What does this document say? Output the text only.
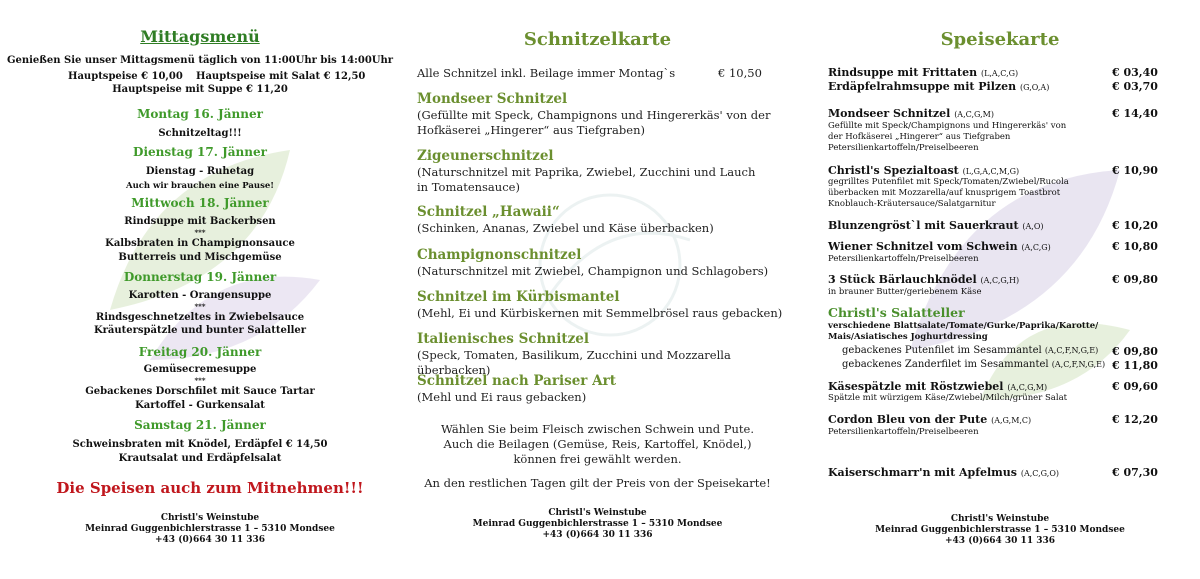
Mittagsmenü
Genießen Sie unser Mittagsmenü täglich von 11:00Uhr bis 14:00Uhr
Hauptspeise € 10,00 Hauptspeise mit Salat € 12,50
Hauptspeise mit Suppe € 11,20
Montag 16. Jänner
Schnitzeltag!!!
Dienstag 17. Jänner
Dienstag - Ruhetag
Auch wir brauchen eine Pause!
Mittwoch 18. Jänner
Rindsuppe mit Backerbsen
***
Kalbsbraten in Champignonsauce
Butterreis und Mischgemüse
Donnerstag 19. Jänner
Karotten - Orangensuppe
***
Rindsgeschnetzeltes in Zwiebelsauce
Kräuterspätzle und bunter Salatteller
Freitag 20. Jänner
Gemüsecremesuppe
***
Gebackenes Dorschfilet mit Sauce Tartar
Kartoffel - Gurkensalat
Samstag 21. Jänner
Schweinsbraten mit Knödel, Erdäpfel € 14,50
Krautsalat und Erdäpfelsalat
Die Speisen auch zum Mitnehmen!!!
Christl's Weinstube
Meinrad Guggenbichlerstrasse 1 – 5310 Mondsee
+43 (0)664 30 11 336
Schnitzelkarte
Alle Schnitzel inkl. Beilage immer Montag`s	€ 10,50
Mondseer Schnitzel
(Gefüllte mit Speck, Champignons und Hingererkäs' von der Hofkäserei „Hingerer“ aus Tiefgraben)
Zigeunerschnitzel
(Naturschnitzel mit Paprika, Zwiebel, Zucchini und Lauch in Tomatensauce)
Schnitzel „Hawaii“
(Schinken, Ananas, Zwiebel und Käse überbacken)
Champignonschnitzel
(Naturschnitzel mit Zwiebel, Champignon und Schlagobers)
Schnitzel im Kürbismantel
(Mehl, Ei und Kürbiskernen mit Semmelbrösel raus gebacken)
Italienisches Schnitzel
(Speck, Tomaten, Basilikum, Zucchini und Mozzarella überbacken)
Schnitzel nach Pariser Art
(Mehl und Ei raus gebacken)
Wählen Sie beim Fleisch zwischen Schwein und Pute.
Auch die Beilagen (Gemüse, Reis, Kartoffel, Knödel,)
können frei gewählt werden.
An den restlichen Tagen gilt der Preis von der Speisekarte!
Christl's Weinstube
Meinrad Guggenbichlerstrasse 1 – 5310 Mondsee
+43 (0)664 30 11 336
Speisekarte
Rindsuppe mit Frittaten (L,A,C,G)	€ 03,40
Erdäpfelrahmsuppe mit Pilzen (G,O,A)	€ 03,70
Mondseer Schnitzel (A,C,G,M)	€ 14,40
Gefüllte mit Speck/Champignons und Hingererkäs' von der Hofkäserei „Hingerer“ aus Tiefgraben Petersilienkartoffeln/Preiselbeeren
Christl's Spezialtoast (L,G,A,C,M,G)	€ 10,90
gegrilltes Putenfilet mit Speck/Tomaten/Zwiebel/Rucola überbacken mit Mozzarella/auf knusprigem Toastbrot Knoblauch-Kräutersauce/Salatgarnitur
Blunzengröst`l mit Sauerkraut (A,O)	€ 10,20
Wiener Schnitzel vom Schwein (A,C,G)	€ 10,80
Petersilienkartoffeln/Preiselbeeren
3 Stück Bärlauchknödel (A,C,G,H)	€ 09,80
in brauner Butter/geriebenem Käse
Christl's Salatteller
verschiedene Blattsalate/Tomate/Gurke/Paprika/Karotte/ Mais/Asiatisches Joghurtdressing
gebackenes Putenfilet im Sesammantel (A,C,F,N,G,E)	€ 09,80
gebackenes Zanderfilet im Sesammantel (A,C,F,N,G,E) € 11,80
Käsespätzle mit Röstzwiebel (A,C,G,M)	€ 09,60
Spätzle mit würzigem Käse/Zwiebel/Milch/grüner Salat
Cordon Bleu von der Pute (A,G,M,C)	€ 12,20
Petersilienkartoffeln/Preiselbeeren
Kaiserschmarr'n mit Apfelmus (A,C,G,O)	€ 07,30
Christl's Weinstube
Meinrad Guggenbichlerstrasse 1 – 5310 Mondsee
+43 (0)664 30 11 336
